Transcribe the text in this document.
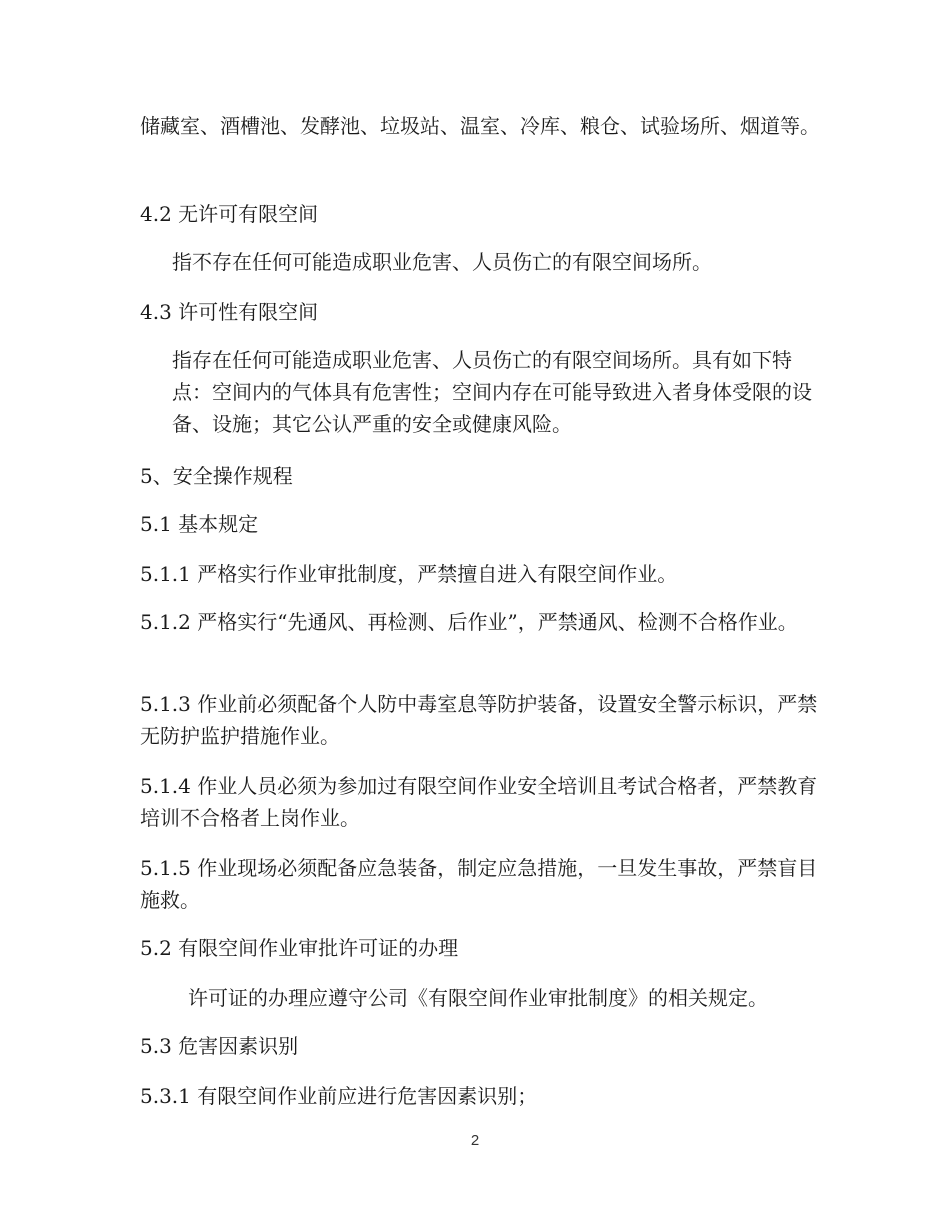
储藏室、酒槽池、发酵池、垃圾站、温室、冷库、粮仓、试验场所、烟道等。

4.2 无许可有限空间

指不存在任何可能造成职业危害、人员伤亡的有限空间场所。

4.3 许可性有限空间

指存在任何可能造成职业危害、人员伤亡的有限空间场所。具有如下特点：空间内的气体具有危害性；空间内存在可能导致进入者身体受限的设备、设施；其它公认严重的安全或健康风险。

5、安全操作规程

5.1 基本规定

5.1.1 严格实行作业审批制度，严禁擅自进入有限空间作业。

5.1.2 严格实行“先通风、再检测、后作业”，严禁通风、检测不合格作业。

5.1.3 作业前必须配备个人防中毒室息等防护装备，设置安全警示标识，严禁无防护监护措施作业。

5.1.4 作业人员必须为参加过有限空间作业安全培训且考试合格者，严禁教育培训不合格者上岗作业。

5.1.5 作业现场必须配备应急装备，制定应急措施，一旦发生事故，严禁盲目施救。

5.2 有限空间作业审批许可证的办理

许可证的办理应遵守公司《有限空间作业审批制度》的相关规定。

5.3 危害因素识别

5.3.1 有限空间作业前应进行危害因素识别；

2
